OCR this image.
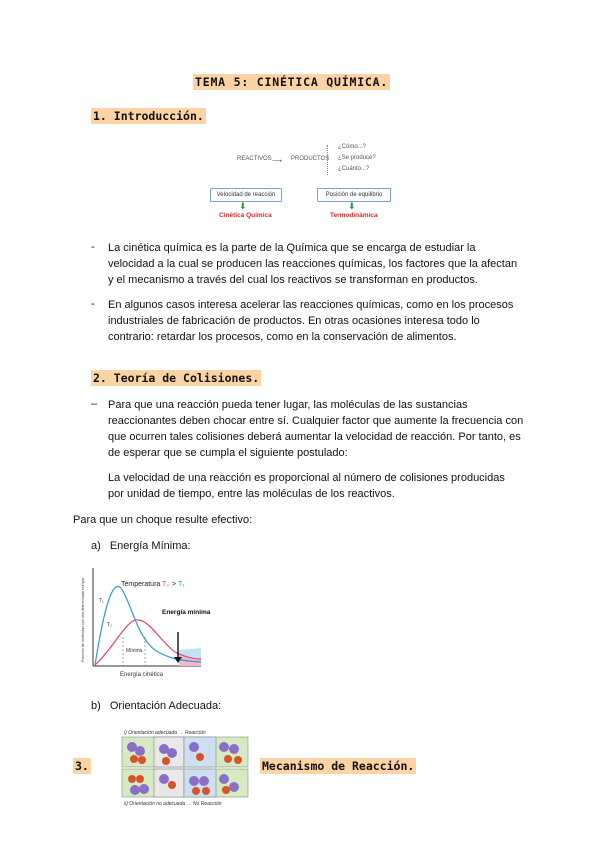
TEMA 5: CINÉTICA QUÍMICA.
1. Introducción.
REACTIVOS ⟶ PRODUCTOS
¿Cómo...?
¿Se produce?
¿Cuánto...?
Velocidad de reacción	Posición de equilibrio
⬇	⬇
Cinética Química	Termodinámica
- La cinética química es la parte de la Química que se encarga de estudiar la
velocidad a la cual se producen las reacciones químicas, los factores que la afectan
y el mecanismo a través del cual los reactivos se transforman en productos.
- En algunos casos interesa acelerar las reacciones químicas, como en los procesos
industriales de fabricación de productos. En otras ocasiones interesa todo lo
contrario: retardar los procesos, como en la conservación de alimentos.
2. Teoría de Colisiones.
– Para que una reacción pueda tener lugar, las moléculas de las sustancias
reaccionantes deben chocar entre sí. Cualquier factor que aumente la frecuencia con
que ocurren tales colisiones deberá aumentar la velocidad de reacción. Por tanto, es
de esperar que se cumpla el siguiente postulado:
La velocidad de una reacción es proporcional al número de colisiones producidas
por unidad de tiempo, entre las moléculas de los reactivos.
Para que un choque resulte efectivo:
a) Energía Mínima:
Temperatura T₂ > T₁
T₁
T₂
Energía mínima
Mínima
Energía cinética
Fracción de moléculas con una determinada energía
b) Orientación Adecuada:
3.	Mecanismo de Reacción.
i) Orientación adecuada → Reacción
ii) Orientación no adecuada → No Reacción
